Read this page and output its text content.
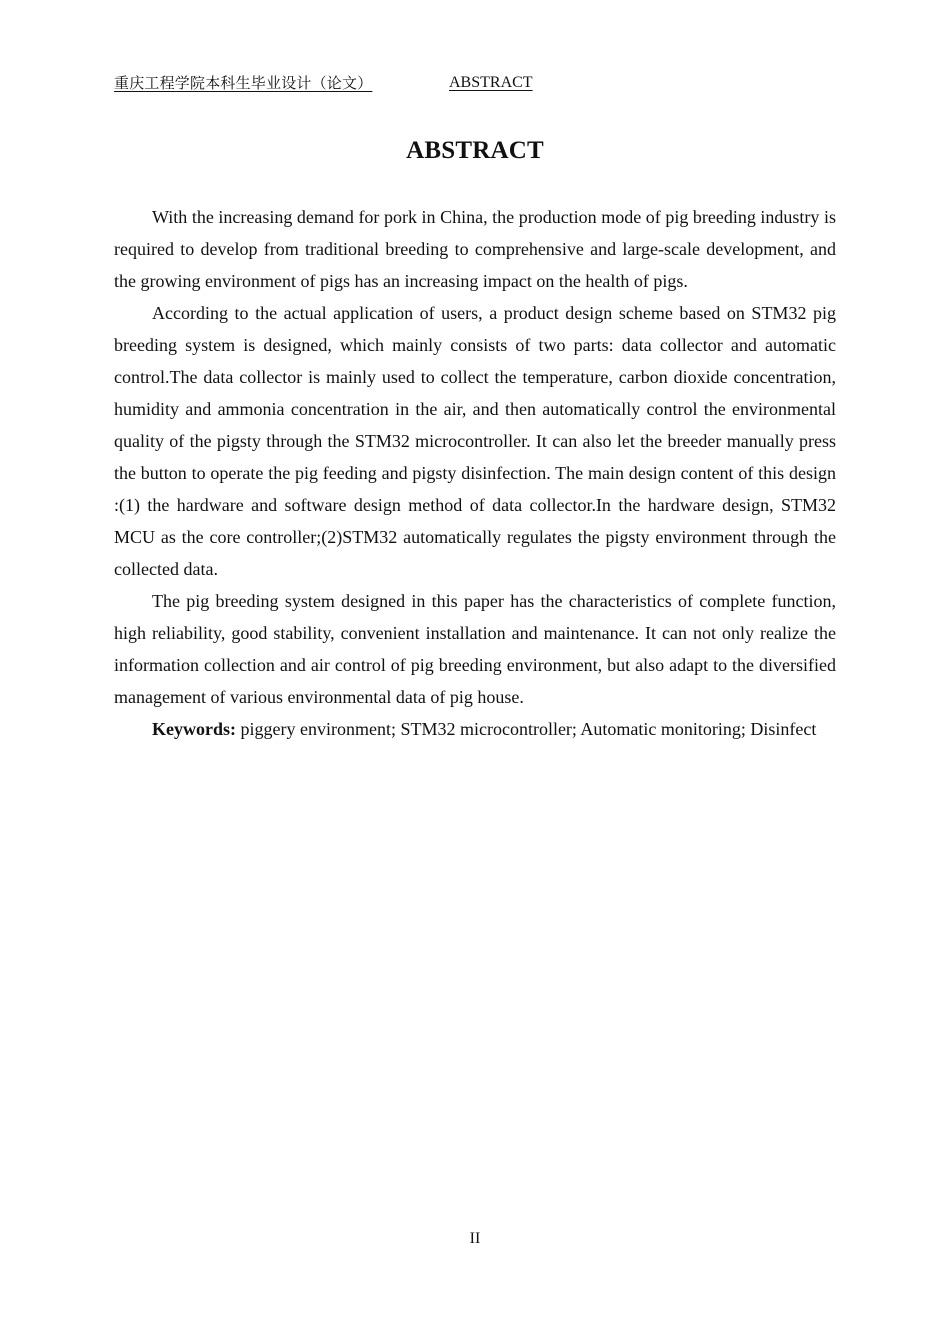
重庆工程学院本科生毕业设计（论文）	ABSTRACT
ABSTRACT

With the increasing demand for pork in China, the production mode of pig breeding industry is required to develop from traditional breeding to comprehensive and large-scale development, and the growing environment of pigs has an increasing impact on the health of pigs.

According to the actual application of users, a product design scheme based on STM32 pig breeding system is designed, which mainly consists of two parts: data collector and automatic control.The data collector is mainly used to collect the temperature, carbon dioxide concentration, humidity and ammonia concentration in the air, and then automatically control the environmental quality of the pigsty through the STM32 microcontroller. It can also let the breeder manually press the button to operate the pig feeding and pigsty disinfection. The main design content of this design :(1) the hardware and software design method of data collector.In the hardware design, STM32 MCU as the core controller;(2)STM32 automatically regulates the pigsty environment through the collected data.

The pig breeding system designed in this paper has the characteristics of complete function, high reliability, good stability, convenient installation and maintenance. It can not only realize the information collection and air control of pig breeding environment, but also adapt to the diversified management of various environmental data of pig house.

Keywords: piggery environment; STM32 microcontroller; Automatic monitoring; Disinfect

II
